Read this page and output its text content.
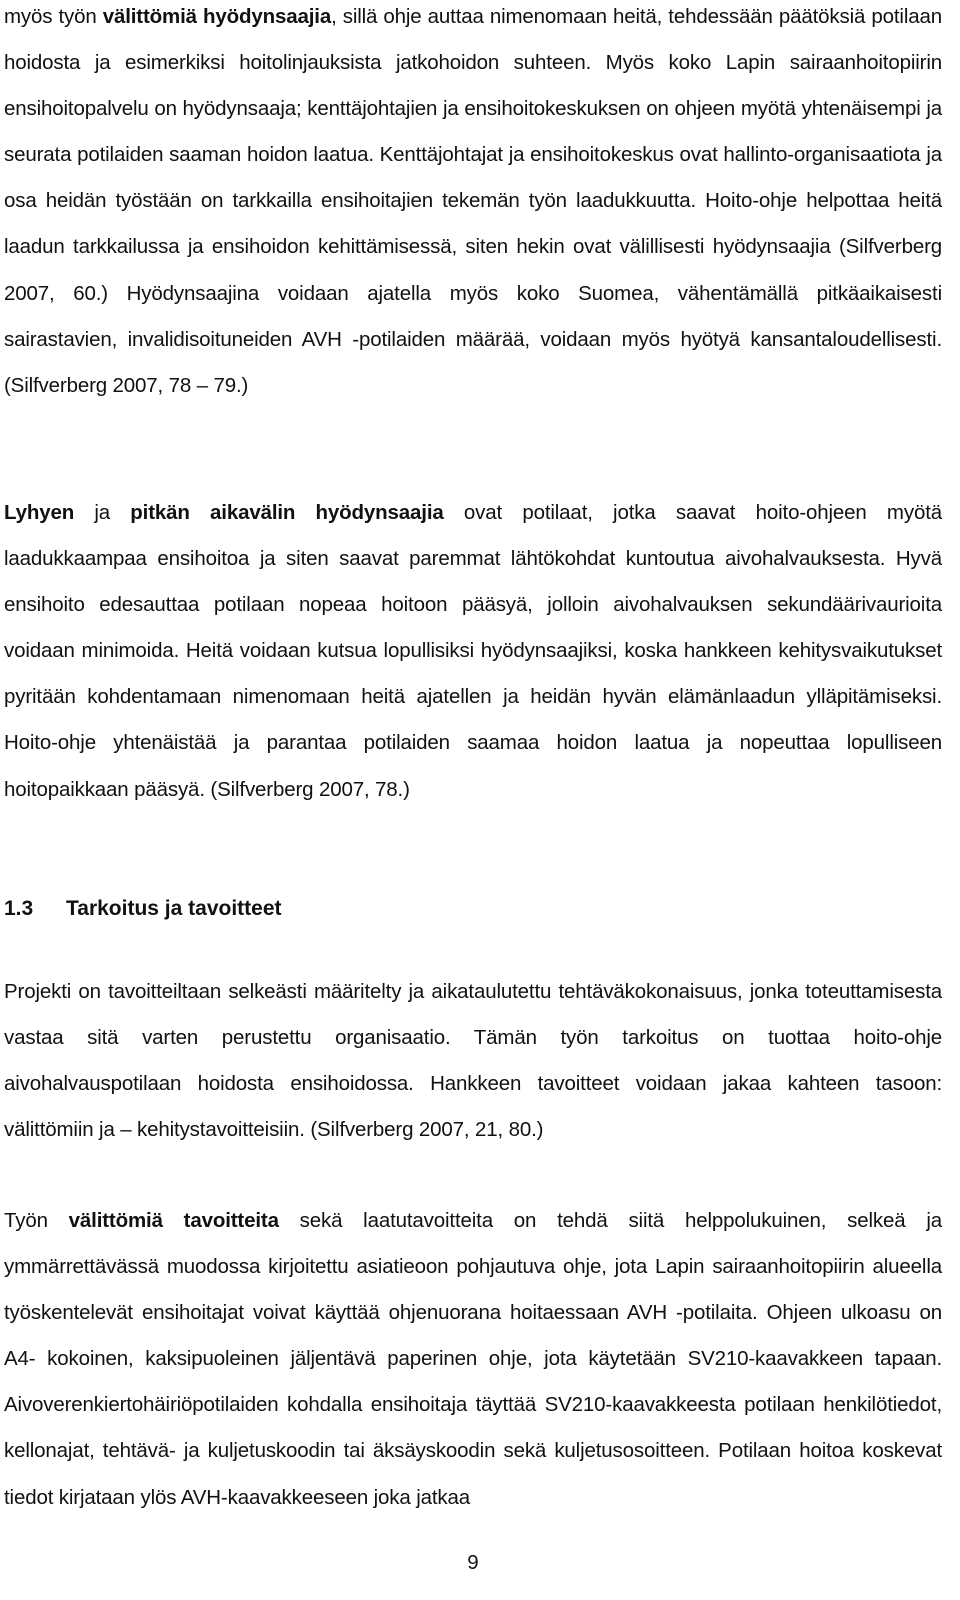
myös työn välittömiä hyödynsaajia, sillä ohje auttaa nimenomaan heitä, tehdessään päätöksiä potilaan hoidosta ja esimerkiksi hoitolinjauksista jatkohoidon suhteen. Myös koko Lapin sairaanhoitopiirin ensihoitopalvelu on hyödynsaaja; kenttäjohtajien ja ensihoitokeskuksen on ohjeen myötä yhtenäisempi ja seurata potilaiden saaman hoidon laatua. Kenttäjohtajat ja ensihoitokeskus ovat hallinto-organisaatiota ja osa heidän työstään on tarkkailla ensihoitajien tekemän työn laadukkuutta. Hoito-ohje helpottaa heitä laadun tarkkailussa ja ensihoidon kehittämisessä, siten hekin ovat välillisesti hyödynsaajia (Silfverberg 2007, 60.) Hyödynsaajina voidaan ajatella myös koko Suomea, vähentämällä pitkäaikaisesti sairastavien, invalidisoituneiden AVH -potilaiden määrää, voidaan myös hyötyä kansantaloudellisesti. (Silfverberg 2007, 78 – 79.)

Lyhyen ja pitkän aikavälin hyödynsaajia ovat potilaat, jotka saavat hoito-ohjeen myötä laadukkaampaa ensihoitoa ja siten saavat paremmat lähtökohdat kuntoutua aivohalvauksesta. Hyvä ensihoito edesauttaa potilaan nopeaa hoitoon pääsyä, jolloin aivohalvauksen sekundäärivaurioita voidaan minimoida. Heitä voidaan kutsua lopullisiksi hyödynsaajiksi, koska hankkeen kehitysvaikutukset pyritään kohdentamaan nimenomaan heitä ajatellen ja heidän hyvän elämänlaadun ylläpitämiseksi. Hoito-ohje yhtenäistää ja parantaa potilaiden saamaa hoidon laatua ja nopeuttaa lopulliseen hoitopaikkaan pääsyä. (Silfverberg 2007, 78.)

1.3 Tarkoitus ja tavoitteet

Projekti on tavoitteiltaan selkeästi määritelty ja aikataulutettu tehtäväkokonaisuus, jonka toteuttamisesta vastaa sitä varten perustettu organisaatio. Tämän työn tarkoitus on tuottaa hoito-ohje aivohalvauspotilaan hoidosta ensihoidossa. Hankkeen tavoitteet voidaan jakaa kahteen tasoon: välittömiin ja – kehitystavoitteisiin. (Silfverberg 2007, 21, 80.)

Työn välittömiä tavoitteita sekä laatutavoitteita on tehdä siitä helppolukuinen, selkeä ja ymmärrettävässä muodossa kirjoitettu asiatieoon pohjautuva ohje, jota Lapin sairaanhoitopiirin alueella työskentelevät ensihoitajat voivat käyttää ohjenuorana hoitaessaan AVH -potilaita. Ohjeen ulkoasu on A4- kokoinen, kaksipuoleinen jäljentävä paperinen ohje, jota käytetään SV210-kaavakkeen tapaan. Aivoverenkiertohäiriöpotilaiden kohdalla ensihoitaja täyttää SV210-kaavakkeesta potilaan henkilötiedot, kellonajat, tehtävä- ja kuljetuskoodin tai äksäyskoodin sekä kuljetusosoitteen. Potilaan hoitoa koskevat tiedot kirjataan ylös AVH-kaavakkeeseen joka jatkaa

9
